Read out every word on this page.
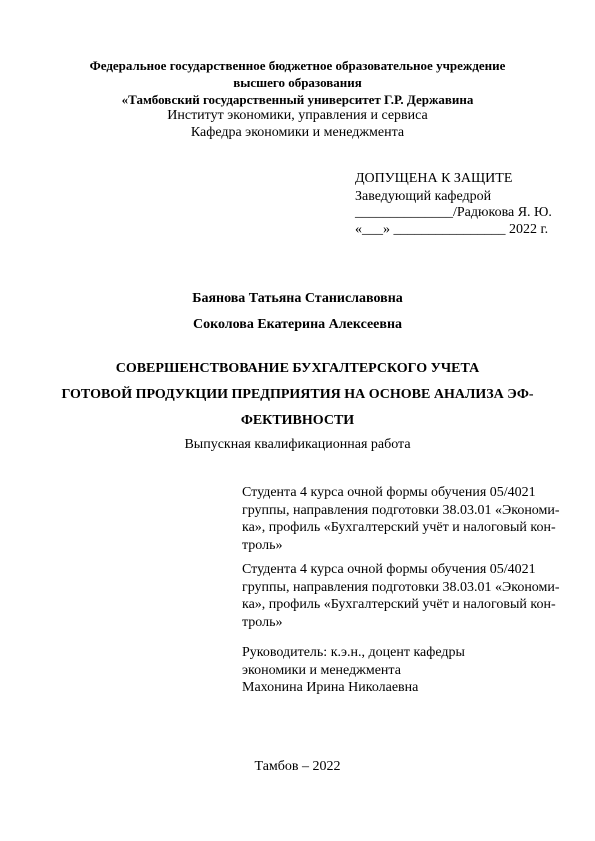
Федеральное государственное бюджетное образовательное учреждение
высшего образования
«Тамбовский государственный университет Г.Р. Державина
Институт экономики, управления и сервиса
Кафедра экономики и менеджмента
ДОПУЩЕНА К ЗАЩИТЕ
Заведующий кафедрой
______________/Радюкова Я. Ю.
«___» ________________ 2022 г.
Баянова Татьяна Станиславовна
Соколова Екатерина Алексеевна
СОВЕРШЕНСТВОВАНИЕ БУХГАЛТЕРСКОГО УЧЕТА
ГОТОВОЙ ПРОДУКЦИИ ПРЕДПРИЯТИЯ НА ОСНОВЕ АНАЛИЗА ЭФ-
ФЕКТИВНОСТИ
Выпускная квалификационная работа
Студента 4 курса очной формы обучения 05/4021
группы, направления подготовки 38.03.01 «Экономи-
ка», профиль «Бухгалтерский учёт и налоговый кон-
троль»
Студента 4 курса очной формы обучения 05/4021
группы, направления подготовки 38.03.01 «Экономи-
ка», профиль «Бухгалтерский учёт и налоговый кон-
троль»
Руководитель: к.э.н., доцент кафедры
экономики и менеджмента
Махонина Ирина Николаевна
Тамбов – 2022
